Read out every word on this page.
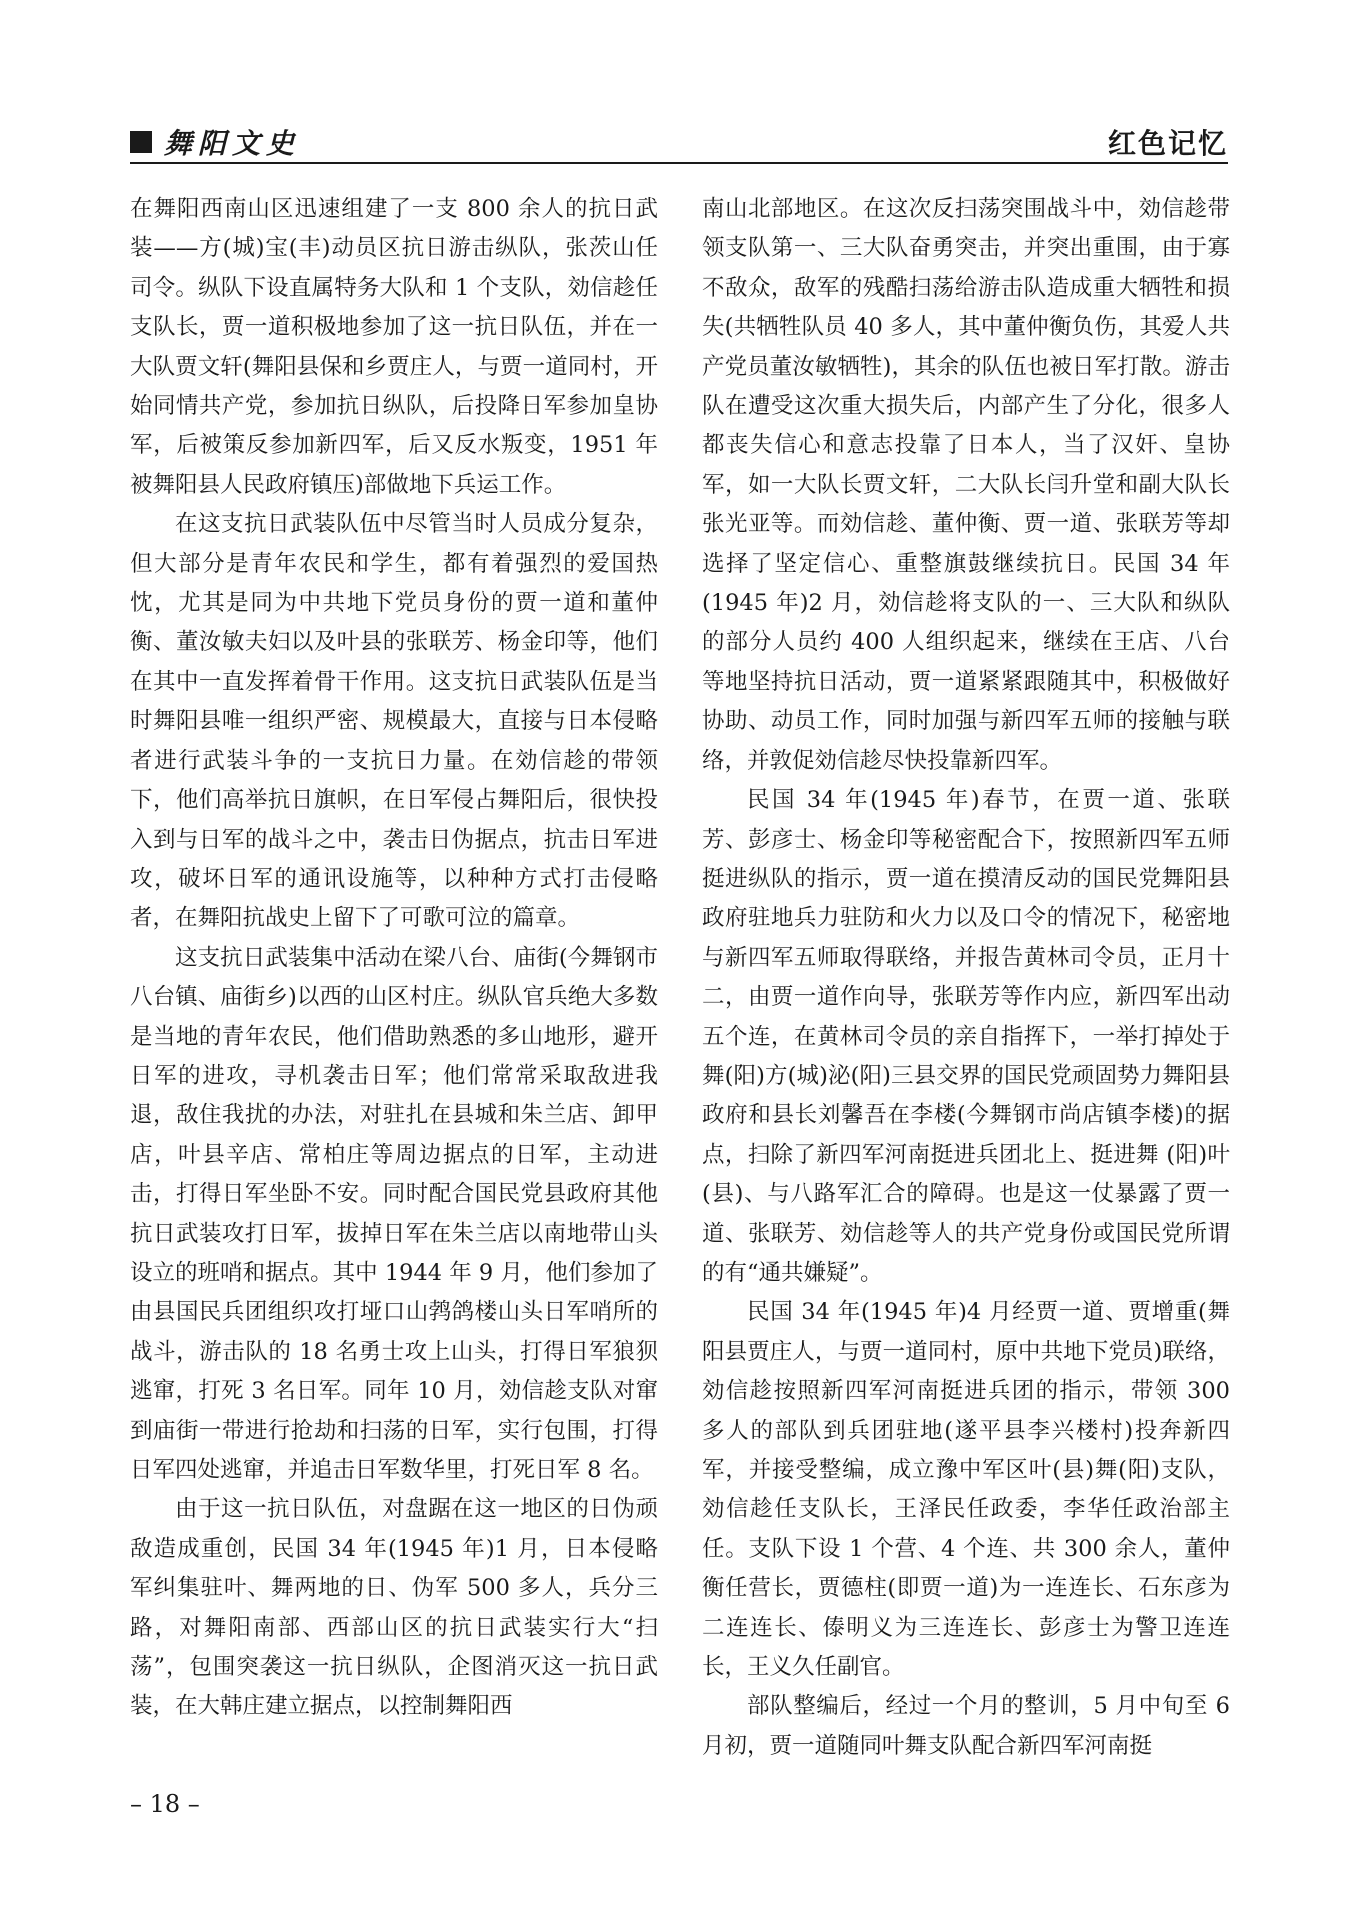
舞阳文史	红色记忆

在舞阳西南山区迅速组建了一支 800 余人的抗日武装——方(城)宝(丰)动员区抗日游击纵队，张茨山任司令。纵队下设直属特务大队和 1 个支队，効信趁任支队长，贾一道积极地参加了这一抗日队伍，并在一大队贾文轩(舞阳县保和乡贾庄人，与贾一道同村，开始同情共产党，参加抗日纵队，后投降日军参加皇协军，后被策反参加新四军，后又反水叛变，1951 年被舞阳县人民政府镇压)部做地下兵运工作。

在这支抗日武装队伍中尽管当时人员成分复杂，但大部分是青年农民和学生，都有着强烈的爱国热忱，尤其是同为中共地下党员身份的贾一道和董仲衡、董汝敏夫妇以及叶县的张联芳、杨金印等，他们在其中一直发挥着骨干作用。这支抗日武装队伍是当时舞阳县唯一组织严密、规模最大，直接与日本侵略者进行武装斗争的一支抗日力量。在効信趁的带领下，他们高举抗日旗帜，在日军侵占舞阳后，很快投入到与日军的战斗之中，袭击日伪据点，抗击日军进攻，破坏日军的通讯设施等，以种种方式打击侵略者，在舞阳抗战史上留下了可歌可泣的篇章。

这支抗日武装集中活动在梁八台、庙街(今舞钢市八台镇、庙街乡)以西的山区村庄。纵队官兵绝大多数是当地的青年农民，他们借助熟悉的多山地形，避开日军的进攻，寻机袭击日军；他们常常采取敌进我退，敌住我扰的办法，对驻扎在县城和朱兰店、卸甲店，叶县辛店、常柏庄等周边据点的日军，主动进击，打得日军坐卧不安。同时配合国民党县政府其他抗日武装攻打日军，拔掉日军在朱兰店以南地带山头设立的班哨和据点。其中 1944 年 9 月，他们参加了由县国民兵团组织攻打垭口山鹁鸽楼山头日军哨所的战斗，游击队的 18 名勇士攻上山头，打得日军狼狈逃窜，打死 3 名日军。同年 10 月，効信趁支队对窜到庙街一带进行抢劫和扫荡的日军，实行包围，打得日军四处逃窜，并追击日军数华里，打死日军 8 名。

由于这一抗日队伍，对盘踞在这一地区的日伪顽敌造成重创，民国 34 年(1945 年)1 月，日本侵略军纠集驻叶、舞两地的日、伪军 500 多人，兵分三路，对舞阳南部、西部山区的抗日武装实行大“扫荡”，包围突袭这一抗日纵队，企图消灭这一抗日武装，在大韩庄建立据点，以控制舞阳西

南山北部地区。在这次反扫荡突围战斗中，効信趁带领支队第一、三大队奋勇突击，并突出重围，由于寡不敌众，敌军的残酷扫荡给游击队造成重大牺牲和损失(共牺牲队员 40 多人，其中董仲衡负伤，其爱人共产党员董汝敏牺牲)，其余的队伍也被日军打散。游击队在遭受这次重大损失后，内部产生了分化，很多人都丧失信心和意志投靠了日本人，当了汉奸、皇协军，如一大队长贾文轩，二大队长闫升堂和副大队长张光亚等。而効信趁、董仲衡、贾一道、张联芳等却选择了坚定信心、重整旗鼓继续抗日。民国 34 年 (1945 年)2 月，効信趁将支队的一、三大队和纵队的部分人员约 400 人组织起来，继续在王店、八台等地坚持抗日活动，贾一道紧紧跟随其中，积极做好协助、动员工作，同时加强与新四军五师的接触与联络，并敦促効信趁尽快投靠新四军。

民国 34 年(1945 年)春节，在贾一道、张联芳、彭彦士、杨金印等秘密配合下，按照新四军五师挺进纵队的指示，贾一道在摸清反动的国民党舞阳县政府驻地兵力驻防和火力以及口令的情况下，秘密地与新四军五师取得联络，并报告黄林司令员，正月十二，由贾一道作向导，张联芳等作内应，新四军出动五个连，在黄林司令员的亲自指挥下，一举打掉处于舞(阳)方(城)泌(阳)三县交界的国民党顽固势力舞阳县政府和县长刘馨吾在李楼(今舞钢市尚店镇李楼)的据点，扫除了新四军河南挺进兵团北上、挺进舞 (阳)叶(县)、与八路军汇合的障碍。也是这一仗暴露了贾一道、张联芳、効信趁等人的共产党身份或国民党所谓的有“通共嫌疑”。

民国 34 年(1945 年)4 月经贾一道、贾增重(舞阳县贾庄人，与贾一道同村，原中共地下党员)联络，効信趁按照新四军河南挺进兵团的指示，带领 300 多人的部队到兵团驻地(遂平县李兴楼村)投奔新四军，并接受整编，成立豫中军区叶(县)舞(阳)支队，効信趁任支队长，王泽民任政委，李华任政治部主任。支队下设 1 个营、4 个连、共 300 余人，董仲衡任营长，贾德柱(即贾一道)为一连连长、石东彦为二连连长、傣明义为三连连长、彭彦士为警卫连连长，王义久任副官。

部队整编后，经过一个月的整训，5 月中旬至 6 月初，贾一道随同叶舞支队配合新四军河南挺

– 18 –
